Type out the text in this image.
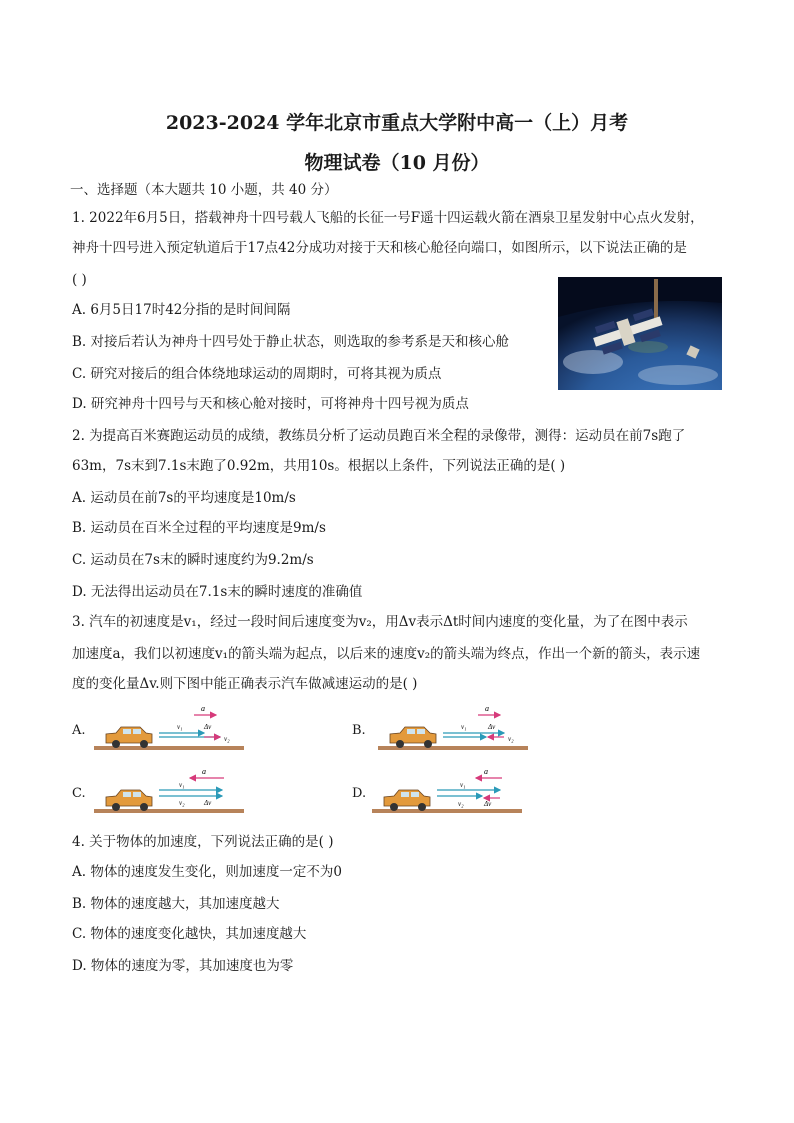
2023-2024 学年北京市重点大学附中高一（上）月考
物理试卷（10 月份）
一、选择题（本大题共 10 小题，共 40 分）
1. 2022年6月5日，搭载神舟十四号载人飞船的长征一号F遥十四运载火箭在酒泉卫星发射中心点火发射，
神舟十四号进入预定轨道后于17点42分成功对接于天和核心舱径向端口，如图所示，以下说法正确的是
( )
A. 6月5日17时42分指的是时间间隔
B. 对接后若认为神舟十四号处于静止状态，则选取的参考系是天和核心舱
C. 研究对接后的组合体绕地球运动的周期时，可将其视为质点
D. 研究神舟十四号与天和核心舱对接时，可将神舟十四号视为质点
2. 为提高百米赛跑运动员的成绩，教练员分析了运动员跑百米全程的录像带，测得：运动员在前7s跑了
63m，7s末到7.1s末跑了0.92m，共用10s。根据以上条件，下列说法正确的是( )
A. 运动员在前7s的平均速度是10m/s
B. 运动员在百米全过程的平均速度是9m/s
C. 运动员在7s末的瞬时速度约为9.2m/s
D. 无法得出运动员在7.1s末的瞬时速度的准确值
3. 汽车的初速度是v₁，经过一段时间后速度变为v₂，用Δv表示Δt时间内速度的变化量，为了在图中表示
加速度a，我们以初速度v₁的箭头端为起点，以后来的速度v₂的箭头端为终点，作出一个新的箭头，表示速
度的变化量Δv.则下图中能正确表示汽车做减速运动的是( )
A.
a
v₁	Δv
v₂
B.
a
v₁	Δv
v₂
C.
a
v₁
v₂	Δv
D.
a
v₁
v₂	Δv
4. 关于物体的加速度，下列说法正确的是( )
A. 物体的速度发生变化，则加速度一定不为0
B. 物体的速度越大，其加速度越大
C. 物体的速度变化越快，其加速度越大
D. 物体的速度为零，其加速度也为零
